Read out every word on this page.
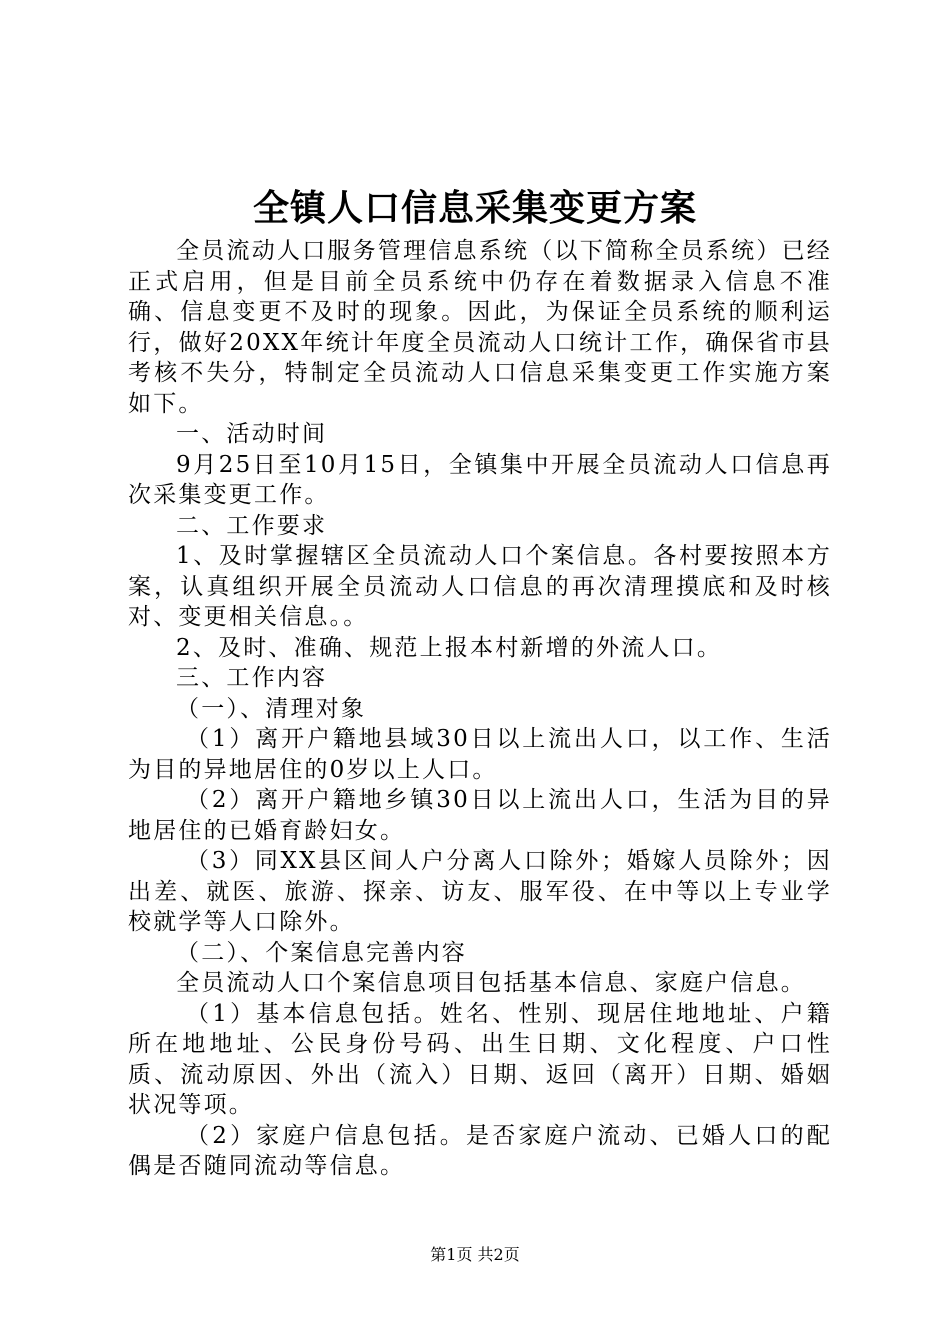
全镇人口信息采集变更方案

全员流动人口服务管理信息系统（以下简称全员系统）已经正式启用，但是目前全员系统中仍存在着数据录入信息不准确、信息变更不及时的现象。因此，为保证全员系统的顺利运行，做好20XX年统计年度全员流动人口统计工作，确保省市县考核不失分，特制定全员流动人口信息采集变更工作实施方案如下。

一、活动时间

9月25日至10月15日，全镇集中开展全员流动人口信息再次采集变更工作。

二、工作要求

1、及时掌握辖区全员流动人口个案信息。各村要按照本方案，认真组织开展全员流动人口信息的再次清理摸底和及时核对、变更相关信息。。

2、及时、准确、规范上报本村新增的外流人口。

三、工作内容

（一）、清理对象

（1）离开户籍地县域30日以上流出人口，以工作、生活为目的异地居住的0岁以上人口。

（2）离开户籍地乡镇30日以上流出人口，生活为目的异地居住的已婚育龄妇女。

（3）同XX县区间人户分离人口除外；婚嫁人员除外；因出差、就医、旅游、探亲、访友、服军役、在中等以上专业学校就学等人口除外。

（二）、个案信息完善内容

全员流动人口个案信息项目包括基本信息、家庭户信息。

（1）基本信息包括。姓名、性别、现居住地地址、户籍所在地地址、公民身份号码、出生日期、文化程度、户口性质、流动原因、外出（流入）日期、返回（离开）日期、婚姻状况等项。

（2）家庭户信息包括。是否家庭户流动、已婚人口的配偶是否随同流动等信息。

第1页 共2页
